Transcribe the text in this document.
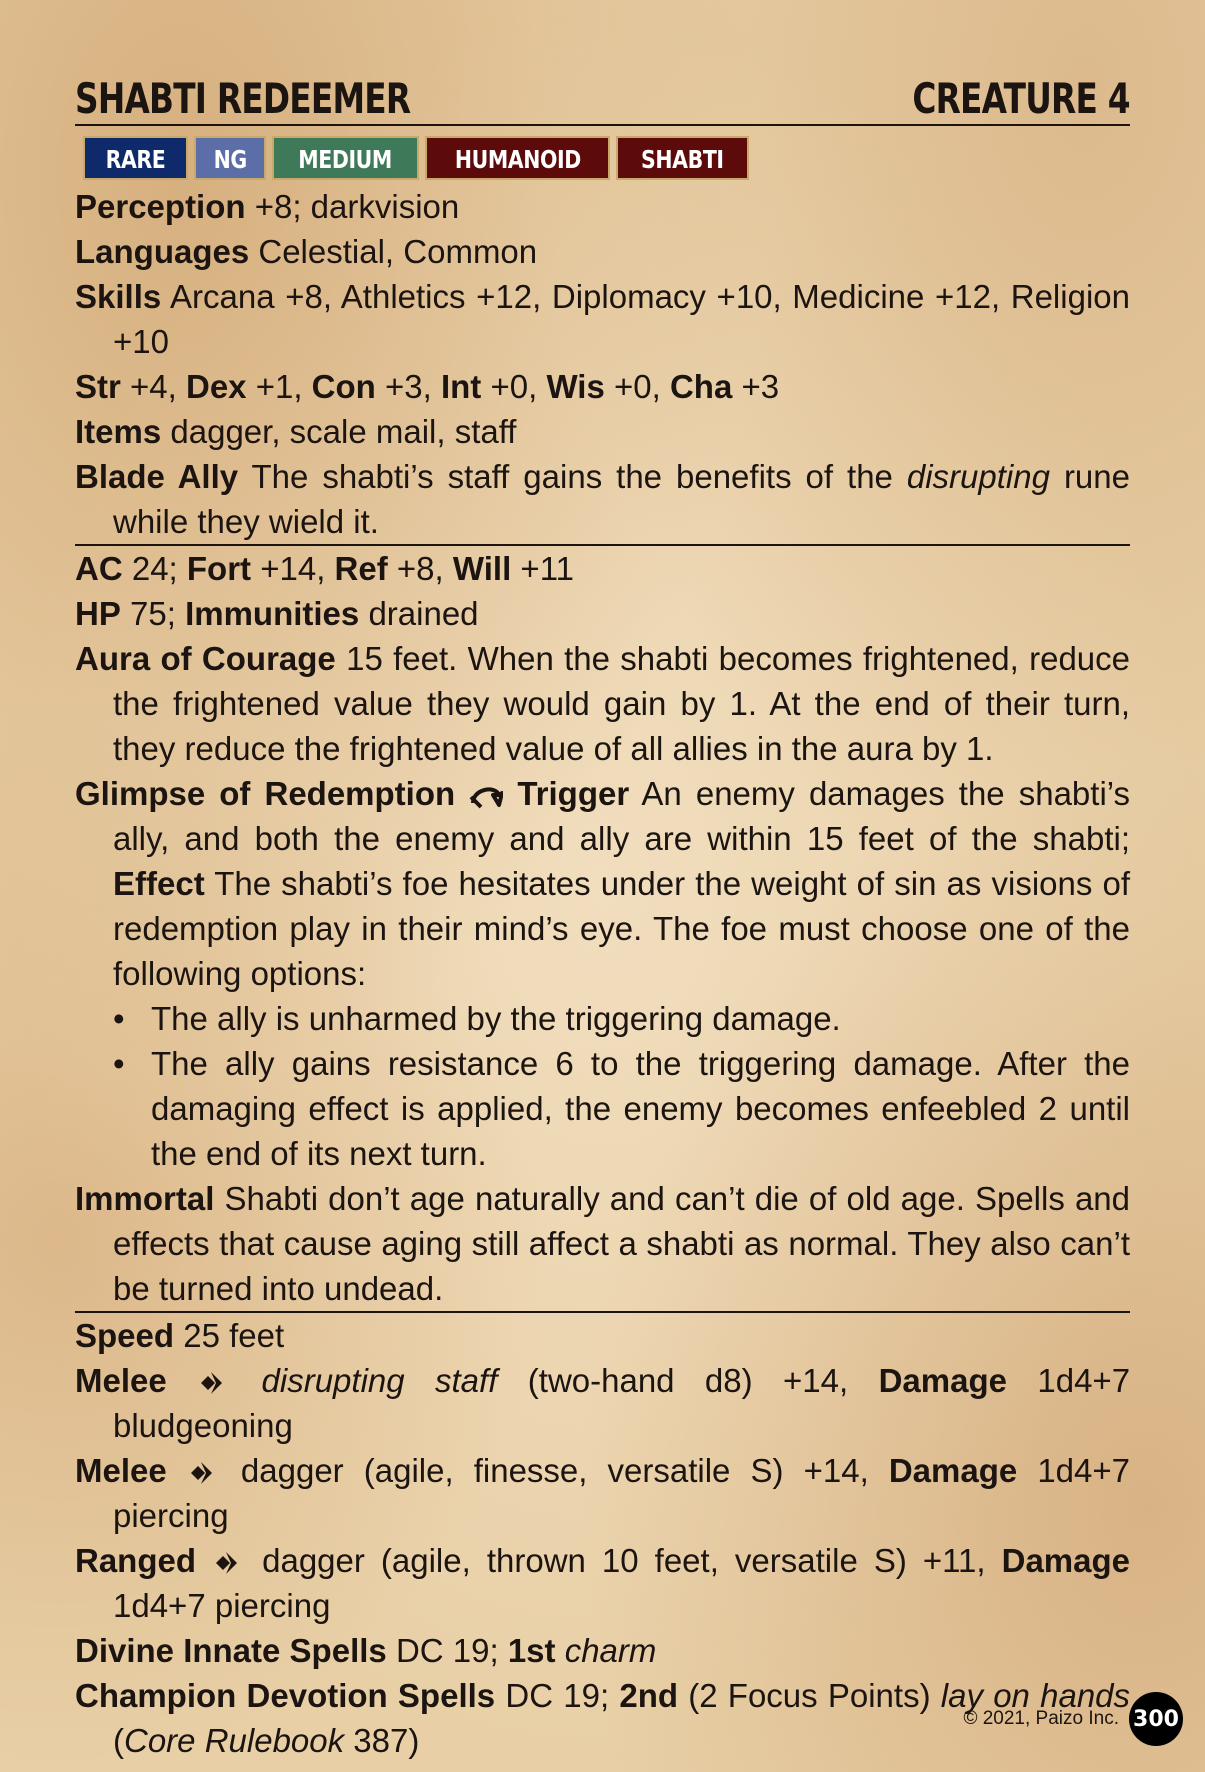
SHABTI REDEEMER	CREATURE 4
RARE	NG	MEDIUM	HUMANOID	SHABTI

Perception +8; darkvision

Languages Celestial, Common

Skills Arcana +8, Athletics +12, Diplomacy +10, Medicine +12, Religion +10

Str +4, Dex +1, Con +3, Int +0, Wis +0, Cha +3

Items dagger, scale mail, staff

Blade Ally The shabti’s staff gains the benefits of the disrupting rune while they wield it.

AC 24; Fort +14, Ref +8, Will +11

HP 75; Immunities drained

Aura of Courage 15 feet. When the shabti becomes frightened, reduce the frightened value they would gain by 1. At the end of their turn, they reduce the frightened value of all allies in the aura by 1.

Glimpse of Redemption Trigger An enemy damages the shabti’s ally, and both the enemy and ally are within 15 feet of the shabti; Effect The shabti’s foe hesitates under the weight of sin as visions of redemption play in their mind’s eye. The foe must choose one of the following options:

• The ally is unharmed by the triggering damage.

• The ally gains resistance 6 to the triggering damage. After the damaging effect is applied, the enemy becomes enfeebled 2 until the end of its next turn.

Immortal Shabti don’t age naturally and can’t die of old age. Spells and effects that cause aging still affect a shabti as normal. They also can’t be turned into undead.

Speed 25 feet

Melee	disrupting staff (two-hand d8) +14, Damage 1d4+7 bludgeoning

Melee dagger (agile, finesse, versatile S) +14, Damage 1d4+7 piercing

Ranged dagger (agile, thrown 10 feet, versatile S) +11, Damage 1d4+7 piercing

Divine Innate Spells DC 19; 1st charm

Champion Devotion Spells DC 19; 2nd (2 Focus Points) lay on hands (Core Rulebook 387)

© 2021, Paizo Inc. 300
